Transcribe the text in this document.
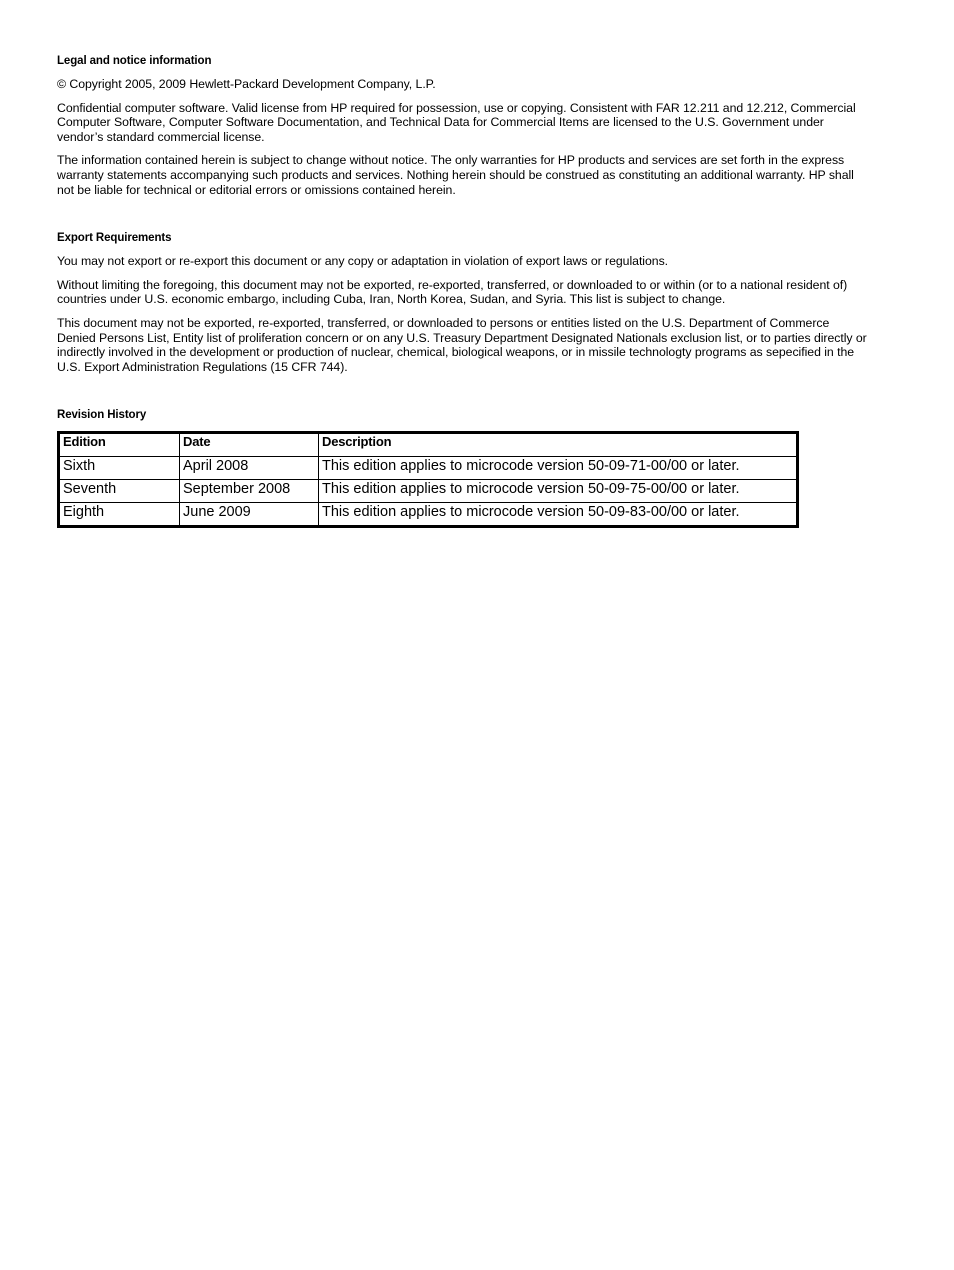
Legal and notice information

© Copyright 2005, 2009 Hewlett-Packard Development Company, L.P.

Confidential computer software. Valid license from HP required for possession, use or copying. Consistent with FAR 12.211 and 12.212, Commercial Computer Software, Computer Software Documentation, and Technical Data for Commercial Items are licensed to the U.S. Government under vendor’s standard commercial license.

The information contained herein is subject to change without notice. The only warranties for HP products and services are set forth in the express warranty statements accompanying such products and services. Nothing herein should be construed as constituting an additional warranty. HP shall not be liable for technical or editorial errors or omissions contained herein.

Export Requirements

You may not export or re-export this document or any copy or adaptation in violation of export laws or regulations.

Without limiting the foregoing, this document may not be exported, re-exported, transferred, or downloaded to or within (or to a national resident of) countries under U.S. economic embargo, including Cuba, Iran, North Korea, Sudan, and Syria. This list is subject to change.

This document may not be exported, re-exported, transferred, or downloaded to persons or entities listed on the U.S. Department of Commerce Denied Persons List, Entity list of proliferation concern or on any U.S. Treasury Department Designated Nationals exclusion list, or to parties directly or indirectly involved in the development or production of nuclear, chemical, biological weapons, or in missile technologty programs as sepecified in the U.S. Export Administration Regulations (15 CFR 744).

Revision History
Edition	Date	Description
Sixth	April 2008	This edition applies to microcode version 50-09-71-00/00 or later.
Seventh	September 2008	This edition applies to microcode version 50-09-75-00/00 or later.
Eighth	June 2009	This edition applies to microcode version 50-09-83-00/00 or later.
